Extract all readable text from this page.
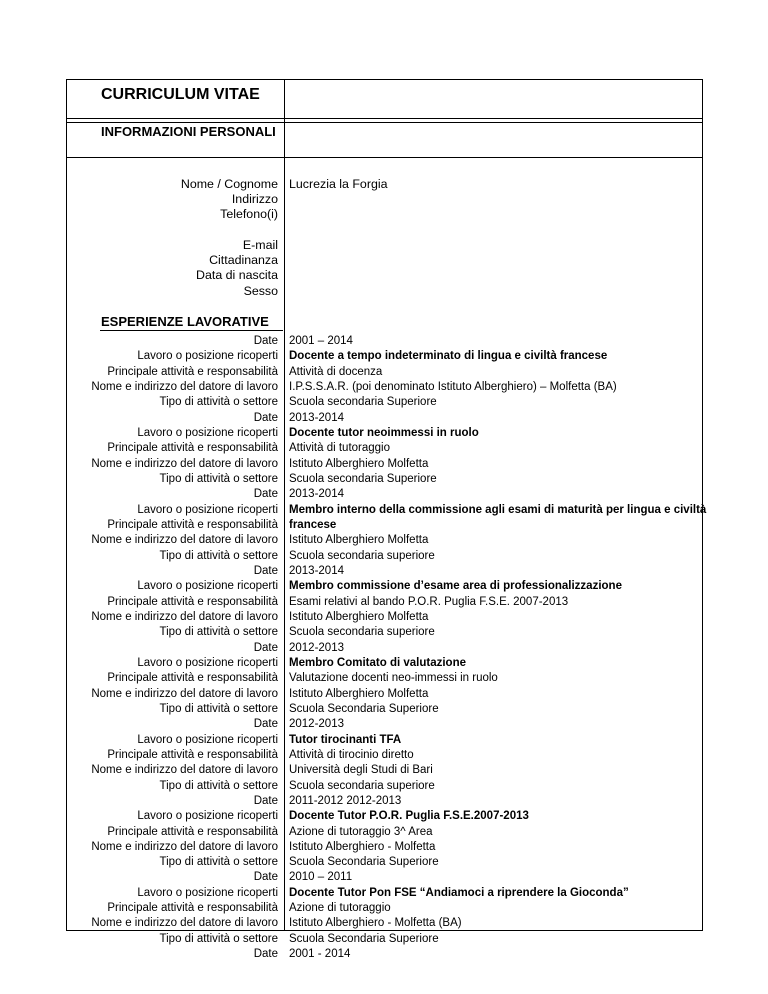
CURRICULUM VITAE
INFORMAZIONI PERSONALI
Nome / Cognome
Indirizzo
Telefono(i)
Lucrezia la Forgia
E-mail
Cittadinanza
Data di nascita
Sesso
ESPERIENZE LAVORATIVE
Date
Lavoro o posizione ricoperti
Principale attività e responsabilità
Nome e indirizzo del datore di lavoro
Tipo di attività o settore
Date
Lavoro o posizione ricoperti
Principale attività e responsabilità
Nome e indirizzo del datore di lavoro
Tipo di attività o settore
Date
Lavoro o posizione ricoperti
Principale attività e responsabilità
Nome e indirizzo del datore di lavoro
Tipo di attività o settore
Date
Lavoro o posizione ricoperti
Principale attività e responsabilità
Nome e indirizzo del datore di lavoro
Tipo di attività o settore
Date
Lavoro o posizione ricoperti
Principale attività e responsabilità
Nome e indirizzo del datore di lavoro
Tipo di attività o settore
Date
Lavoro o posizione ricoperti
Principale attività e responsabilità
Nome e indirizzo del datore di lavoro
Tipo di attività o settore
Date
Lavoro o posizione ricoperti
Principale attività e responsabilità
Nome e indirizzo del datore di lavoro
Tipo di attività o settore
Date
Lavoro o posizione ricoperti
Principale attività e responsabilità
Nome e indirizzo del datore di lavoro
Tipo di attività o settore
Date
2001 – 2014
Docente a tempo indeterminato di lingua e civiltà francese
Attività di docenza
I.P.S.S.A.R. (poi denominato Istituto Alberghiero) – Molfetta (BA)
Scuola secondaria Superiore
2013-2014
Docente tutor neoimmessi in ruolo
Attività di tutoraggio
Istituto Alberghiero Molfetta
Scuola secondaria Superiore
2013-2014
Membro interno della commissione agli esami di maturità per lingua e civiltà
francese
Istituto Alberghiero Molfetta
Scuola secondaria superiore
2013-2014
Membro commissione d’esame area di professionalizzazione
Esami relativi al bando P.O.R. Puglia F.S.E. 2007-2013
Istituto Alberghiero Molfetta
Scuola secondaria superiore
2012-2013
Membro Comitato di valutazione
Valutazione docenti neo-immessi in ruolo
Istituto Alberghiero Molfetta
Scuola Secondaria Superiore
2012-2013
Tutor tirocinanti TFA
Attività di tirocinio diretto
Università degli Studi di Bari
Scuola secondaria superiore
2011-2012 2012-2013
Docente Tutor P.O.R. Puglia F.S.E.2007-2013
Azione di tutoraggio 3^ Area
Istituto Alberghiero - Molfetta
Scuola Secondaria Superiore
2010 – 2011
Docente Tutor Pon FSE “Andiamoci a riprendere la Gioconda”
Azione di tutoraggio
Istituto Alberghiero - Molfetta (BA)
Scuola Secondaria Superiore
2001 - 2014
